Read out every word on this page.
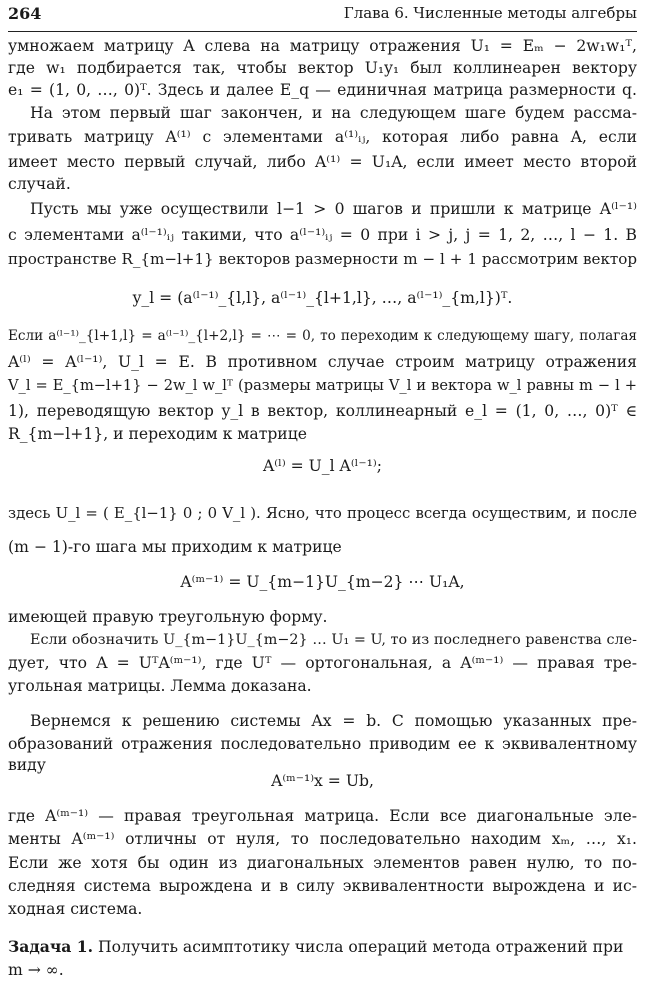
264	Глава 6. Численные методы алгебры
умножаем матрицу A слева на матрицу отражения U₁ = Eₘ − 2w₁w₁ᵀ,
где w₁ подбирается так, чтобы вектор U₁y₁ был коллинеарен вектору
e₁ = (1, 0, …, 0)ᵀ. Здесь и далее E_q — единичная матрица размерности q.
На этом первый шаг закончен, и на следующем шаге будем рассма-
тривать матрицу A⁽¹⁾ с элементами a⁽¹⁾ᵢⱼ, которая либо равна A, если
имеет место первый случай, либо A⁽¹⁾ = U₁A, если имеет место второй
случай.
Пусть мы уже осуществили l−1 > 0 шагов и пришли к матрице A⁽ˡ⁻¹⁾
с элементами a⁽ˡ⁻¹⁾ᵢⱼ такими, что a⁽ˡ⁻¹⁾ᵢⱼ = 0 при i > j, j = 1, 2, …, l − 1. В
пространстве R_{m−l+1} векторов размерности m − l + 1 рассмотрим вектор
y_l = (a⁽ˡ⁻¹⁾_{l,l}, a⁽ˡ⁻¹⁾_{l+1,l}, …, a⁽ˡ⁻¹⁾_{m,l})ᵀ.
Если a⁽ˡ⁻¹⁾_{l+1,l} = a⁽ˡ⁻¹⁾_{l+2,l} = ⋯ = 0, то переходим к следующему шагу, полагая
A⁽ˡ⁾ = A⁽ˡ⁻¹⁾, U_l = E. В противном случае строим матрицу отражения
V_l = E_{m−l+1} − 2w_l w_lᵀ (размеры матрицы V_l и вектора w_l равны m − l +
1), переводящую вектор y_l в вектор, коллинеарный e_l = (1, 0, …, 0)ᵀ ∈
R_{m−l+1}, и переходим к матрице
A⁽ˡ⁾ = U_l A⁽ˡ⁻¹⁾;
здесь U_l = ( E_{l−1} 0 ; 0 V_l ). Ясно, что процесс всегда осуществим, и после
(m − 1)-го шага мы приходим к матрице
A⁽ᵐ⁻¹⁾ = U_{m−1}U_{m−2} ⋯ U₁A,
имеющей правую треугольную форму.
Если обозначить U_{m−1}U_{m−2} … U₁ = U, то из последнего равенства сле-
дует, что A = UᵀA⁽ᵐ⁻¹⁾, где Uᵀ — ортогональная, а A⁽ᵐ⁻¹⁾ — правая тре-
угольная матрицы. Лемма доказана.
Вернемся к решению системы Ax = b. С помощью указанных пре-
образований отражения последовательно приводим ее к эквивалентному
виду
A⁽ᵐ⁻¹⁾x = Ub,
где A⁽ᵐ⁻¹⁾ — правая треугольная матрица. Если все диагональные эле-
менты A⁽ᵐ⁻¹⁾ отличны от нуля, то последовательно находим xₘ, …, x₁.
Если же хотя бы один из диагональных элементов равен нулю, то по-
следняя система вырождена и в силу эквивалентности вырождена и ис-
ходная система.
Задача 1. Получить асимптотику числа операций метода отражений при
m → ∞.
